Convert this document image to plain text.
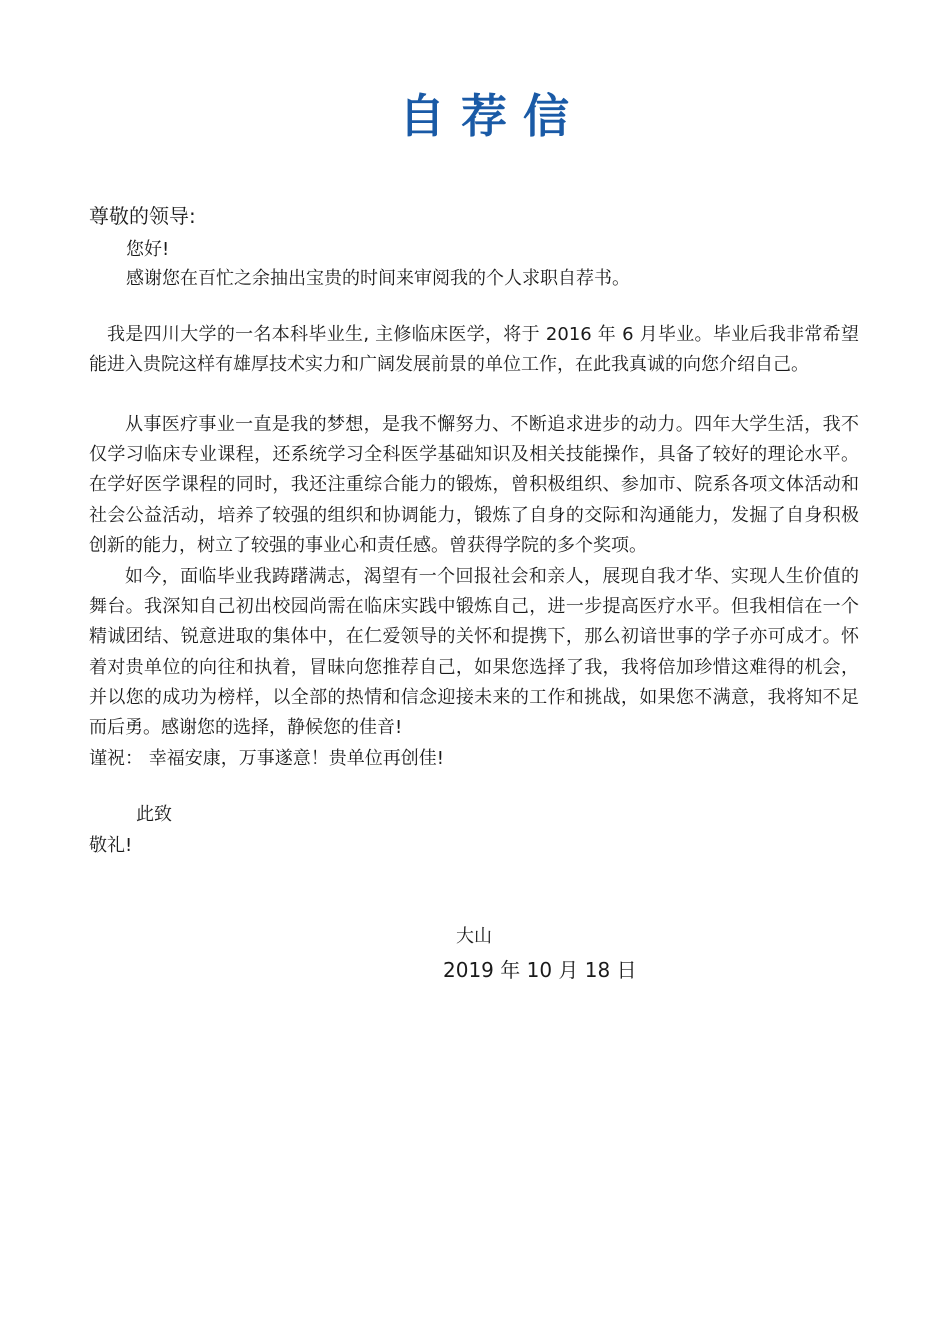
自荐信
尊敬的领导:
您好!
感谢您在百忙之余抽出宝贵的时间来审阅我的个人求职自荐书。
我是四川大学的一名本科毕业生, 主修临床医学，将于 2016 年 6 月毕业。毕业后我非常希望能进入贵院这样有雄厚技术实力和广阔发展前景的单位工作，在此我真诚的向您介绍自己。
从事医疗事业一直是我的梦想，是我不懈努力、不断追求进步的动力。四年大学生活，我不仅学习临床专业课程，还系统学习全科医学基础知识及相关技能操作，具备了较好的理论水平。在学好医学课程的同时，我还注重综合能力的锻炼，曾积极组织、参加市、院系各项文体活动和社会公益活动，培养了较强的组织和协调能力，锻炼了自身的交际和沟通能力，发掘了自身积极创新的能力，树立了较强的事业心和责任感。曾获得学院的多个奖项。
如今，面临毕业我踌躇满志，渴望有一个回报社会和亲人，展现自我才华、实现人生价值的舞台。我深知自己初出校园尚需在临床实践中锻炼自己，进一步提高医疗水平。但我相信在一个精诚团结、锐意进取的集体中，在仁爱领导的关怀和提携下，那么初谙世事的学子亦可成才。怀着对贵单位的向往和执着，冒昧向您推荐自己，如果您选择了我，我将倍加珍惜这难得的机会，并以您的成功为榜样，以全部的热情和信念迎接未来的工作和挑战，如果您不满意，我将知不足而后勇。感谢您的选择，静候您的佳音!
谨祝： 幸福安康，万事遂意！贵单位再创佳!
此致
敬礼!
大山
2019 年 10 月 18 日
